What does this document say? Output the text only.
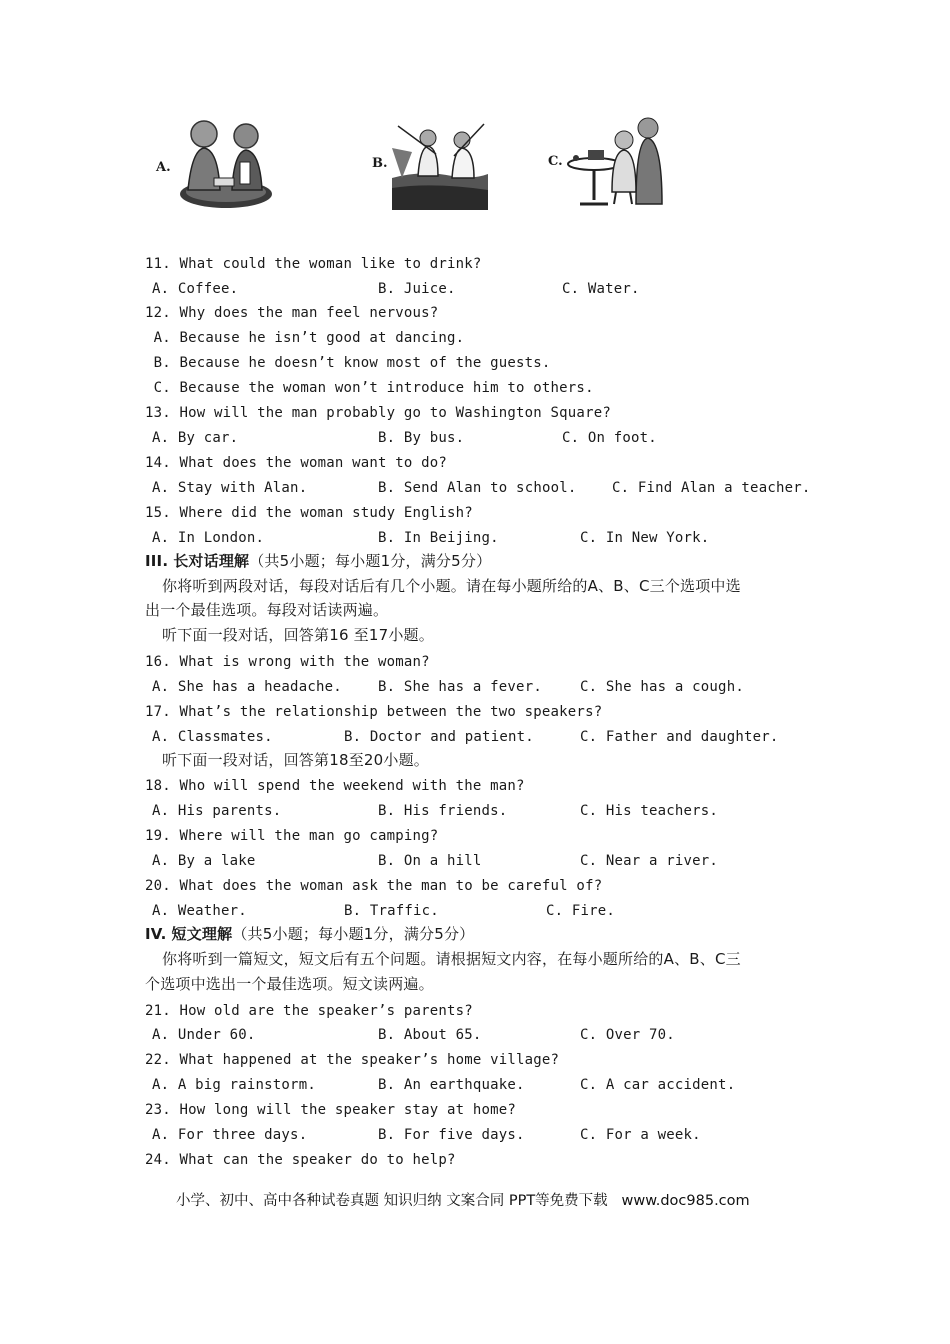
A.	B.	C.
11. What could the woman like to drink?
A. Coffee.	B. Juice.	C. Water.
12. Why does the man feel nervous?
A. Because he isn’t good at dancing.
B. Because he doesn’t know most of the guests.
C. Because the woman won’t introduce him to others.
13. How will the man probably go to Washington Square?
A. By car.	B. By bus.	C. On foot.
14. What does the woman want to do?
A. Stay with Alan.	B. Send Alan to school.	C. Find Alan a teacher.
15. Where did the woman study English?
A. In London.	B. In Beijing.	C. In New York.
III. 长对话理解（共5小题；每小题1分，满分5分）
你将听到两段对话，每段对话后有几个小题。请在每小题所给的A、B、C三个选项中选
出一个最佳选项。每段对话读两遍。
听下面一段对话，回答第16 至17小题。
16. What is wrong with the woman?
A. She has a headache.	B. She has a fever.	C. She has a cough.
17. What’s the relationship between the two speakers?
A. Classmates.	B. Doctor and patient.	C. Father and daughter.
听下面一段对话，回答第18至20小题。
18. Who will spend the weekend with the man?
A. His parents.	B. His friends.	C. His teachers.
19. Where will the man go camping?
A. By a lake	B. On a hill	C. Near a river.
20. What does the woman ask the man to be careful of?
A. Weather.	B. Traffic.	C. Fire.
IV. 短文理解（共5小题；每小题1分，满分5分）
你将听到一篇短文，短文后有五个问题。请根据短文内容，在每小题所给的A、B、C三
个选项中选出一个最佳选项。短文读两遍。
21. How old are the speaker’s parents?
A. Under 60.	B. About 65.	C. Over 70.
22. What happened at the speaker’s home village?
A. A big rainstorm.	B. An earthquake.	C. A car accident.
23. How long will the speaker stay at home?
A. For three days.	B. For five days.	C. For a week.
24. What can the speaker do to help?
小学、初中、高中各种试卷真题 知识归纳 文案合同 PPT等免费下载   www.doc985.com
